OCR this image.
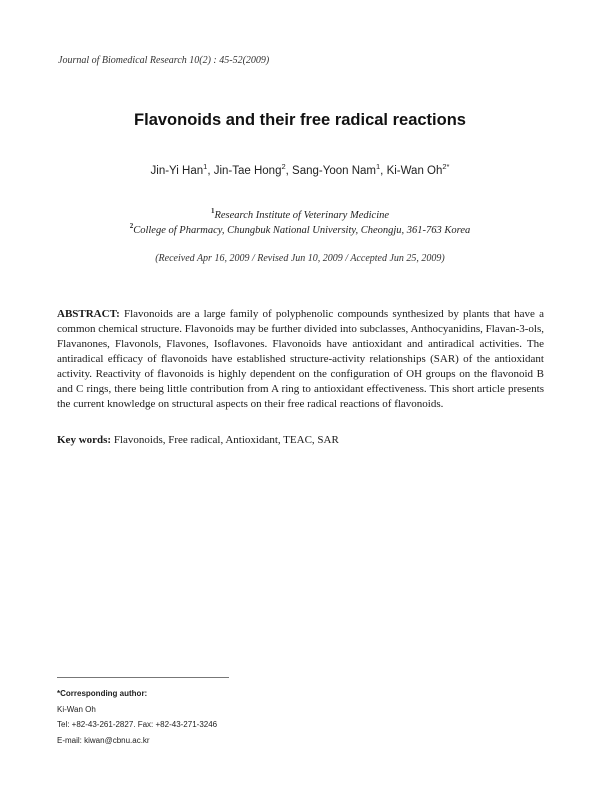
Journal of Biomedical Research 10(2) : 45-52(2009)
Flavonoids and their free radical reactions
Jin-Yi Han$^1$, Jin-Tae Hong$^2$, Sang-Yoon Nam$^1$, Ki-Wan $Oh^{2*}$
$^1$Research Institute of Veterinary Medicine
$^2$College of Pharmacy, Chungbuk National University, Cheongju, 361-763 Korea
(Received Apr 16, 2009 / Revised Jun 10, 2009 / Accepted Jun 25, 2009)

ABSTRACT: Flavonoids are a large family of polyphenolic compounds synthesized by plants that have a common chemical structure. Flavonoids may be further divided into subclasses, Anthocyanidins, Flavan-3-ols, Flavanones, Flavonols, Flavones, Isoflavones. Flavonoids have antioxidant and antiradical activities. The antiradical efficacy of flavonoids have established structure-activity relationships (SAR) of the antioxidant activity. Reactivity of flavonoids is highly dependent on the configuration of OH groups on the flavonoid B and C rings, there being little contribution from A ring to antioxidant effectiveness. This short article presents the current knowledge on structural aspects on their free radical reactions of flavonoids.

Key words: Flavonoids, Free radical, Antioxidant, TEAC, SAR

*Corresponding author:
Ki-Wan Oh
Tel: +82-43-261-2827. Fax: +82-43-271-3246
E-mail: kiwan@cbnu.ac.kr
